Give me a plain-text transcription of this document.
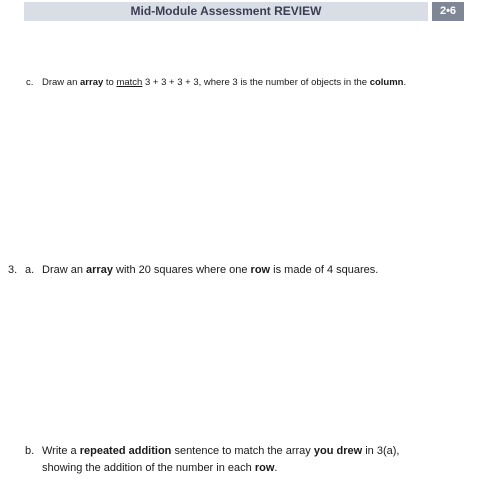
Mid-Module Assessment REVIEW	2•6
c. Draw an array to match 3 + 3 + 3 + 3, where 3 is the number of objects in the column.
3. a. Draw an array with 20 squares where one row is made of 4 squares.
b. Write a repeated addition sentence to match the array you drew in 3(a),
showing the addition of the number in each row.
